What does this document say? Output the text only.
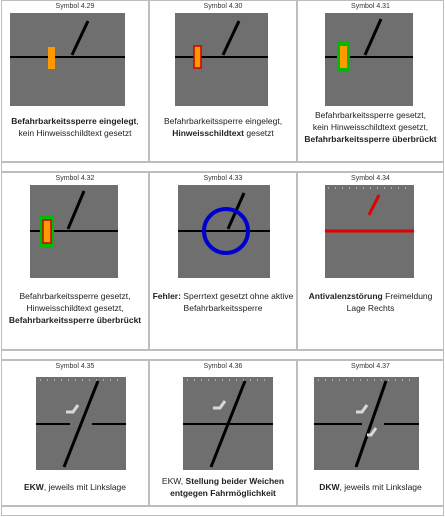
Symbol 4.29
Befahrbarkeitssperre eingelegt,
kein Hinweisschildtext gesetzt
Symbol 4.30
Befahrbarkeitssperre eingelegt,
Hinweisschildtext gesetzt
Symbol 4.31
Befahrbarkeitssperre gesetzt,
kein Hinweisschildtext gesetzt,
Befahrbarkeitssperre überbrückt
Symbol 4.32
Befahrbarkeitssperre gesetzt,
Hinweisschildtext gesetzt,
Befahrbarkeitssperre überbrückt
Symbol 4.33
Fehler: Sperrtext gesetzt ohne aktive Befahrbarkeitssperre
Symbol 4.34
Antivalenzstörung Freimeldung Lage Rechts
Symbol 4.35
EKW, jeweils mit Linkslage
Symbol 4.36
EKW, Stellung beider Weichen entgegen Fahrmöglichkeit
Symbol 4.37
DKW, jeweils mit Linkslage
